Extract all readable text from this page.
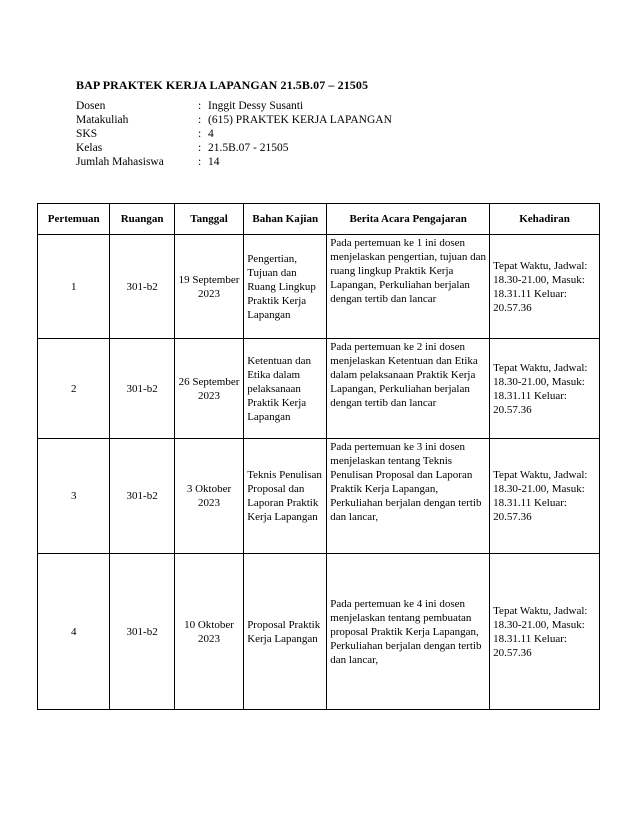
BAP PRAKTEK KERJA LAPANGAN 21.5B.07 – 21505
Dosen	: Inggit Dessy Susanti
Matakuliah	: (615) PRAKTEK KERJA LAPANGAN
SKS	: 4
Kelas	: 21.5B.07 - 21505
Jumlah Mahasiswa	: 14
Pertemuan	Ruangan	Tanggal	Bahan Kajian	Berita Acara Pengajaran	Kehadiran
1	301-b2	19 September 2023	Pengertian, Tujuan dan Ruang Lingkup Praktik Kerja Lapangan	Pada pertemuan ke 1 ini dosen menjelaskan pengertian, tujuan dan ruang lingkup Praktik Kerja Lapangan, Perkuliahan berjalan dengan tertib dan lancar	Tepat Waktu, Jadwal: 18.30-21.00, Masuk: 18.31.11 Keluar: 20.57.36
2	301-b2	26 September 2023	Ketentuan dan Etika dalam pelaksanaan Praktik Kerja Lapangan	Pada pertemuan ke 2 ini dosen menjelaskan Ketentuan dan Etika dalam pelaksanaan Praktik Kerja Lapangan, Perkuliahan berjalan dengan tertib dan lancar	Tepat Waktu, Jadwal: 18.30-21.00, Masuk: 18.31.11 Keluar: 20.57.36
3	301-b2	3 Oktober 2023	Teknis Penulisan Proposal dan Laporan Praktik Kerja Lapangan	Pada pertemuan ke 3 ini dosen menjelaskan tentang Teknis Penulisan Proposal dan Laporan Praktik Kerja Lapangan, Perkuliahan berjalan dengan tertib dan lancar,	Tepat Waktu, Jadwal: 18.30-21.00, Masuk: 18.31.11 Keluar: 20.57.36
4	301-b2	10 Oktober 2023	Proposal Praktik Kerja Lapangan	Pada pertemuan ke 4 ini dosen menjelaskan tentang pembuatan proposal Praktik Kerja Lapangan, Perkuliahan berjalan dengan tertib dan lancar,	Tepat Waktu, Jadwal: 18.30-21.00, Masuk: 18.31.11 Keluar: 20.57.36
